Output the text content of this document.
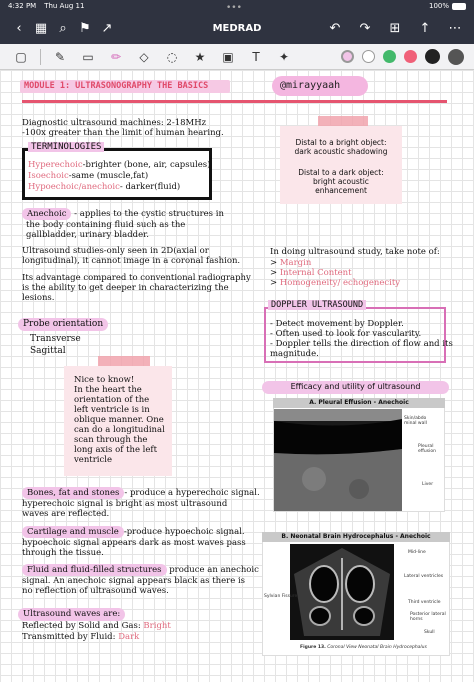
4:32 PM Thu Aug 11	100%
•••
‹	▦ ⌕ ⚑ ↗	MEDRAD	↶	↷	⊞	↑	⋯
▢	✎	▭	✏	◇	◌	★	▣	T	✦
MODULE 1: ULTRASONOGRAPHY THE BASICS	@mirayyaah
Diagnostic ultrasound machines: 2-18MHz
-100x greater than the limit of human hearing.
TERMINOLOGIES
Hyperechoic-brighter (bone, air, capsules)
Isoechoic-same (muscle,fat)
Hypoechoic/anechoic- darker(fluid)
Anechoic - applies to the cystic structures in
the body containing fluid such as the
gallbladder, urinary bladder.
Ultrasound studies-only seen in 2D(axial or
longitudinal), it cannot image in a coronal fashion.
Its advantage compared to conventional radiography
is the ability to get deeper in characterizing the
lesions.
Probe orientation
Transverse
Sagittal
Nice to know!
In the heart the
orientation of the
left ventricle is in
oblique manner. One
can do a longitudinal
scan through the
long axis of the left
ventricle
Bones, fat and stones - produce a hyperechoic signal.
hyperechoic signal is bright as most ultrasound
waves are reflected.
Cartilage and muscle -produce hypoechoic signal.
hypoechoic signal appears dark as most waves pass
through the tissue.
Fluid and fluid-filled structures produce an anechoic
signal. An anechoic signal appears black as there is
no reflection of ultrasound waves.
Ultrasound waves are:
Reflected by Solid and Gas: Bright
Transmitted by Fluid: Dark
Distal to a bright object:
dark acoustic shadowing
Distal to a dark object:
bright acoustic
enhancement
In doing ultrasound study, take note of:
> Margin
> Internal Content
> Homogeneity/ echogenecity
DOPPLER ULTRASOUND
- Detect movement by Doppler.
- Often used to look for vascularity.
- Doppler tells the direction of flow and its
magnitude.
Efficacy and utility of ultrasound
A. Pleural Effusion - Anechoic
Skin/abdo
minal wall
Pleural
effusion
Liver
B. Neonatal Brain Hydrocephalus - Anechoic
Mid-line
Lateral ventricles
Sylvian Fissure
Third ventricle
Posterior lateral
horns
Skull
Figure 13. Coronal View Neonatal Brain Hydrocephalus
